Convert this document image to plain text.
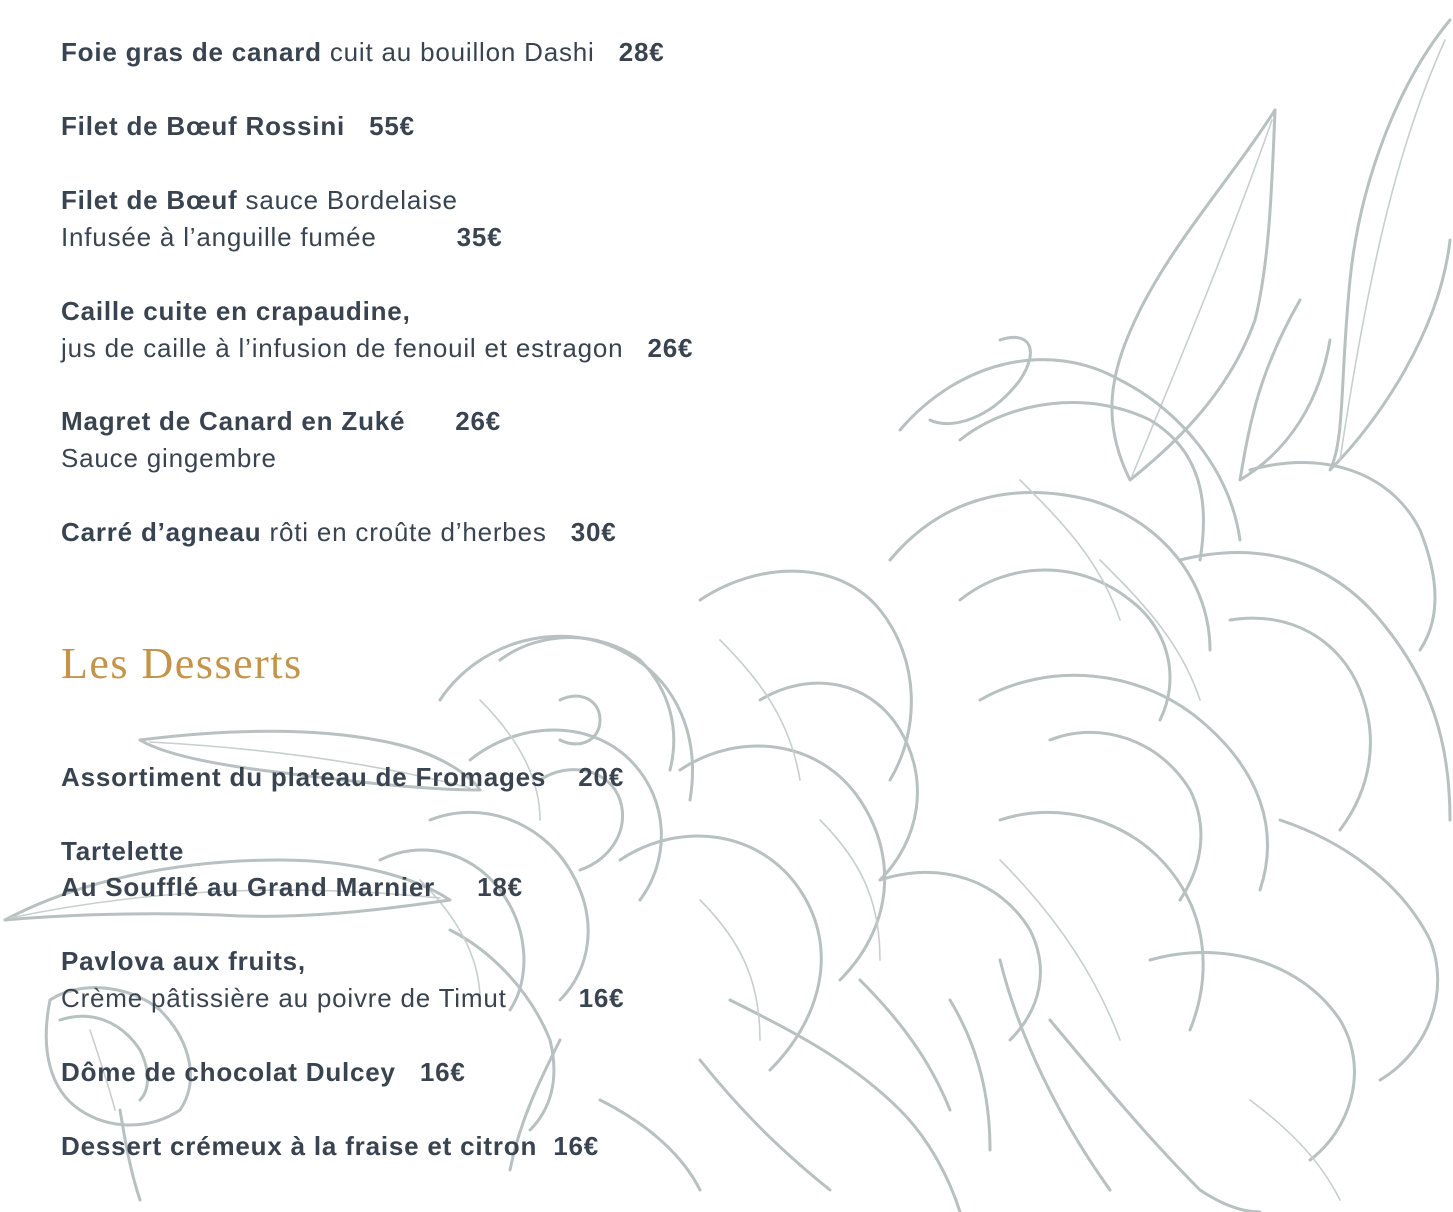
Foie gras de canard cuit au bouillon Dashi 28€
Filet de Bœuf Rossini 55€
Filet de Bœuf sauce Bordelaise
Infusée à l’anguille fumée	35€
Caille cuite en crapaudine,
jus de caille à l’infusion de fenouil et estragon 26€
Magret de Canard en Zuké 26€
Sauce gingembre
Carré d’agneau rôti en croûte d’herbes 30€
Les Desserts
Assortiment du plateau de Fromages 20€
Tartelette
Au Soufflé au Grand Marnier 18€
Pavlova aux fruits,
Crème pâtissière au poivre de Timut	16€
Dôme de chocolat Dulcey 16€
Dessert crémeux à la fraise et citron 16€
